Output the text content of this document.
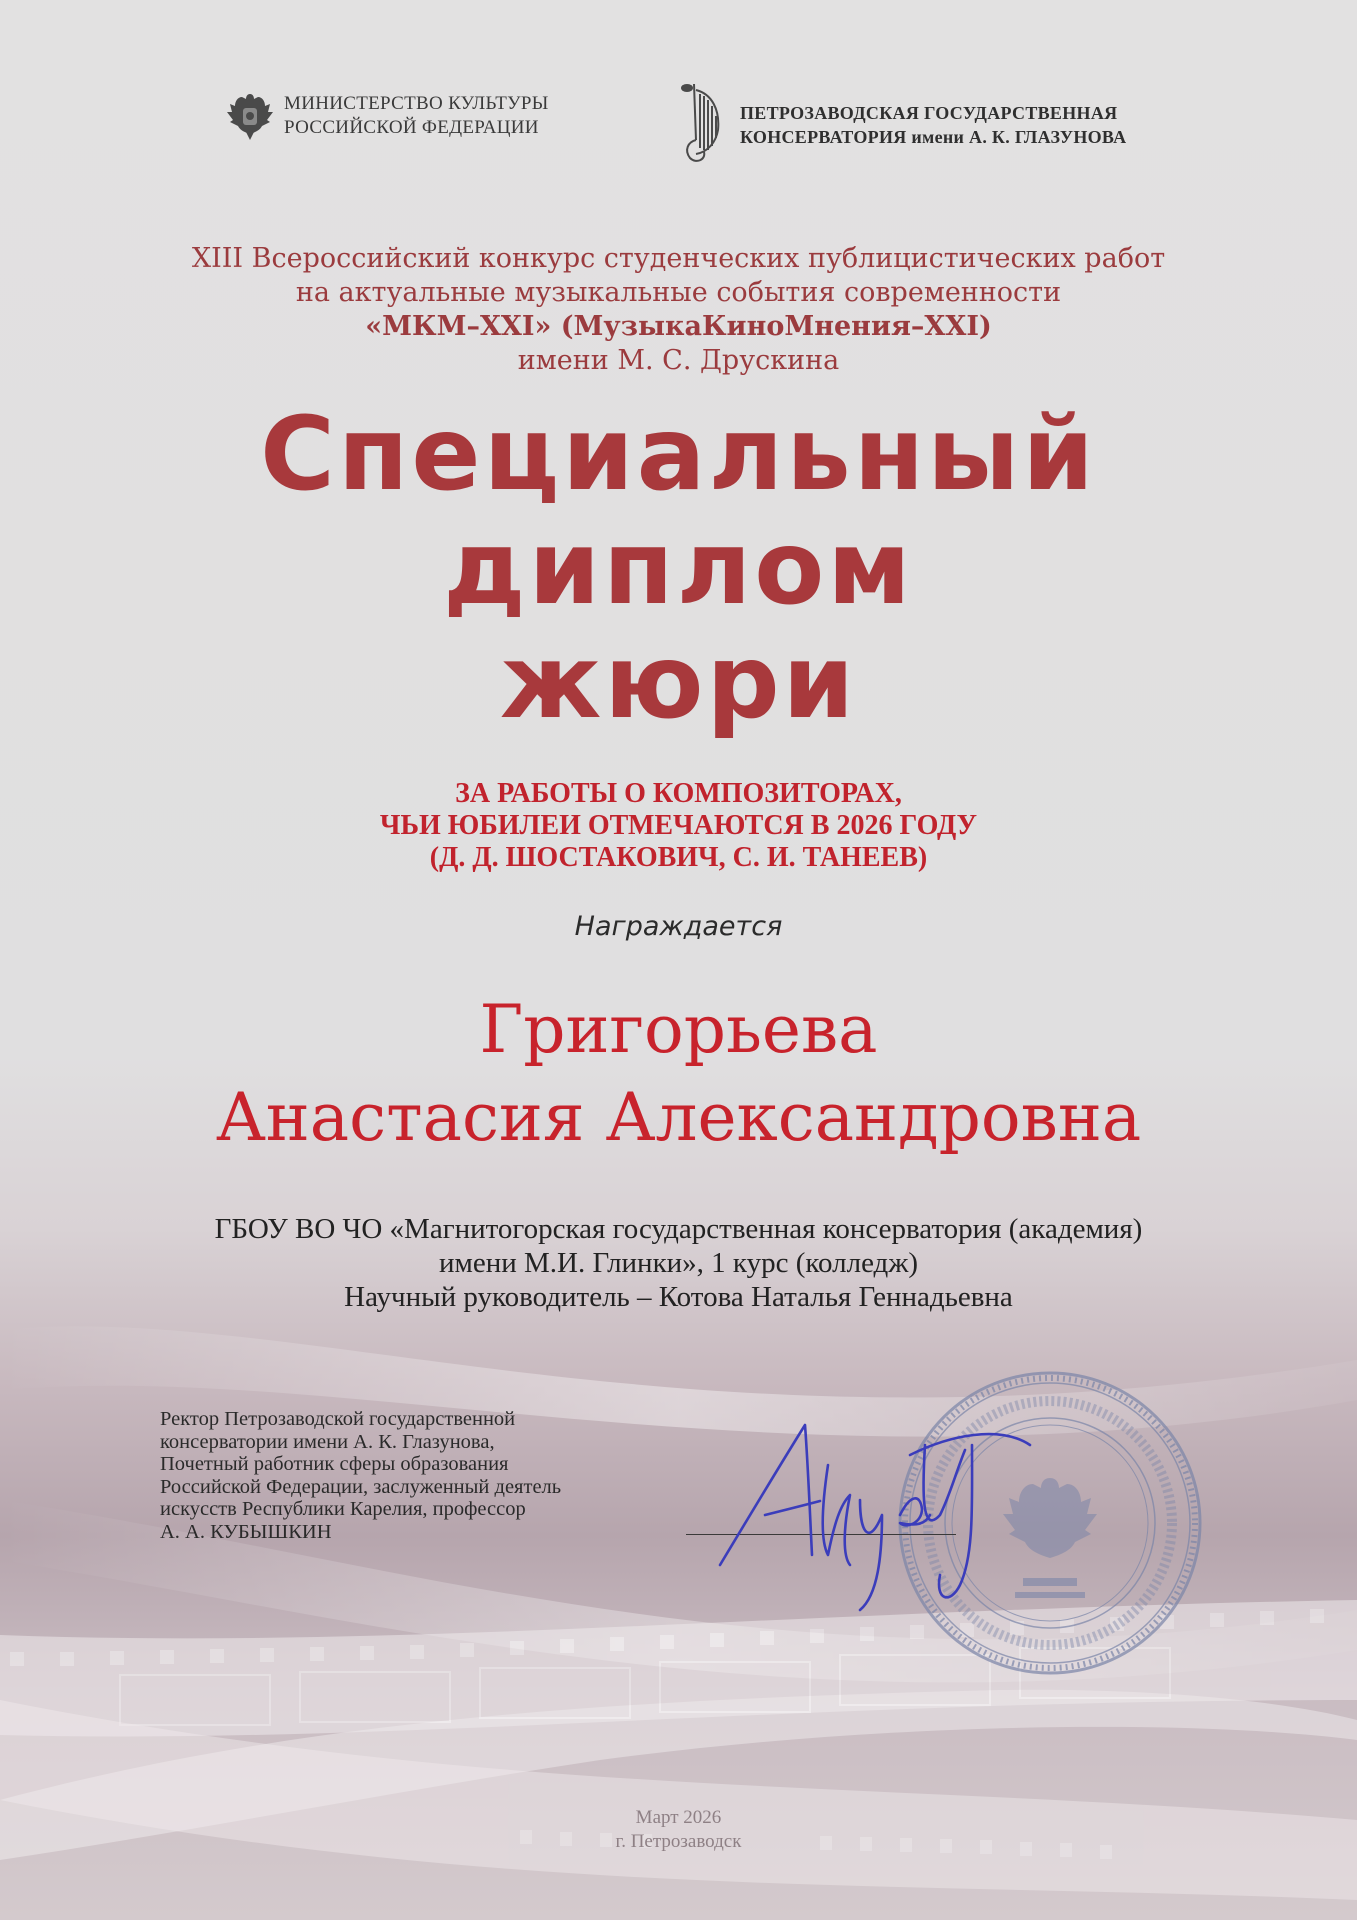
МИНИСТЕРСТВО КУЛЬТУРЫ
РОССИЙСКОЙ ФЕДЕРАЦИИ
ПЕТРОЗАВОДСКАЯ ГОСУДАРСТВЕННАЯ
КОНСЕРВАТОРИЯ имени А. К. ГЛАЗУНОВА
XIII Всероссийский конкурс студенческих публицистических работ
на актуальные музыкальные события современности
«МКМ–XXI» (МузыкаКиноМнения–XXI)
имени М. С. Друскина
Специальный
диплом
жюри
ЗА РАБОТЫ О КОМПОЗИТОРАХ,
ЧЬИ ЮБИЛЕИ ОТМЕЧАЮТСЯ В 2026 ГОДУ
(Д. Д. ШОСТАКОВИЧ, С. И. ТАНЕЕВ)
Награждается
Григорьева
Анастасия Александровна
ГБОУ ВО ЧО «Магнитогорская государственная консерватория (академия)
имени М.И. Глинки», 1 курс (колледж)
Научный руководитель – Котова Наталья Геннадьевна
Ректор Петрозаводской государственной
консерватории имени А. К. Глазунова,
Почетный работник сферы образования
Российской Федерации, заслуженный деятель
искусств Республики Карелия, профессор
А. А. КУБЫШКИН
Март 2026
г. Петрозаводск
